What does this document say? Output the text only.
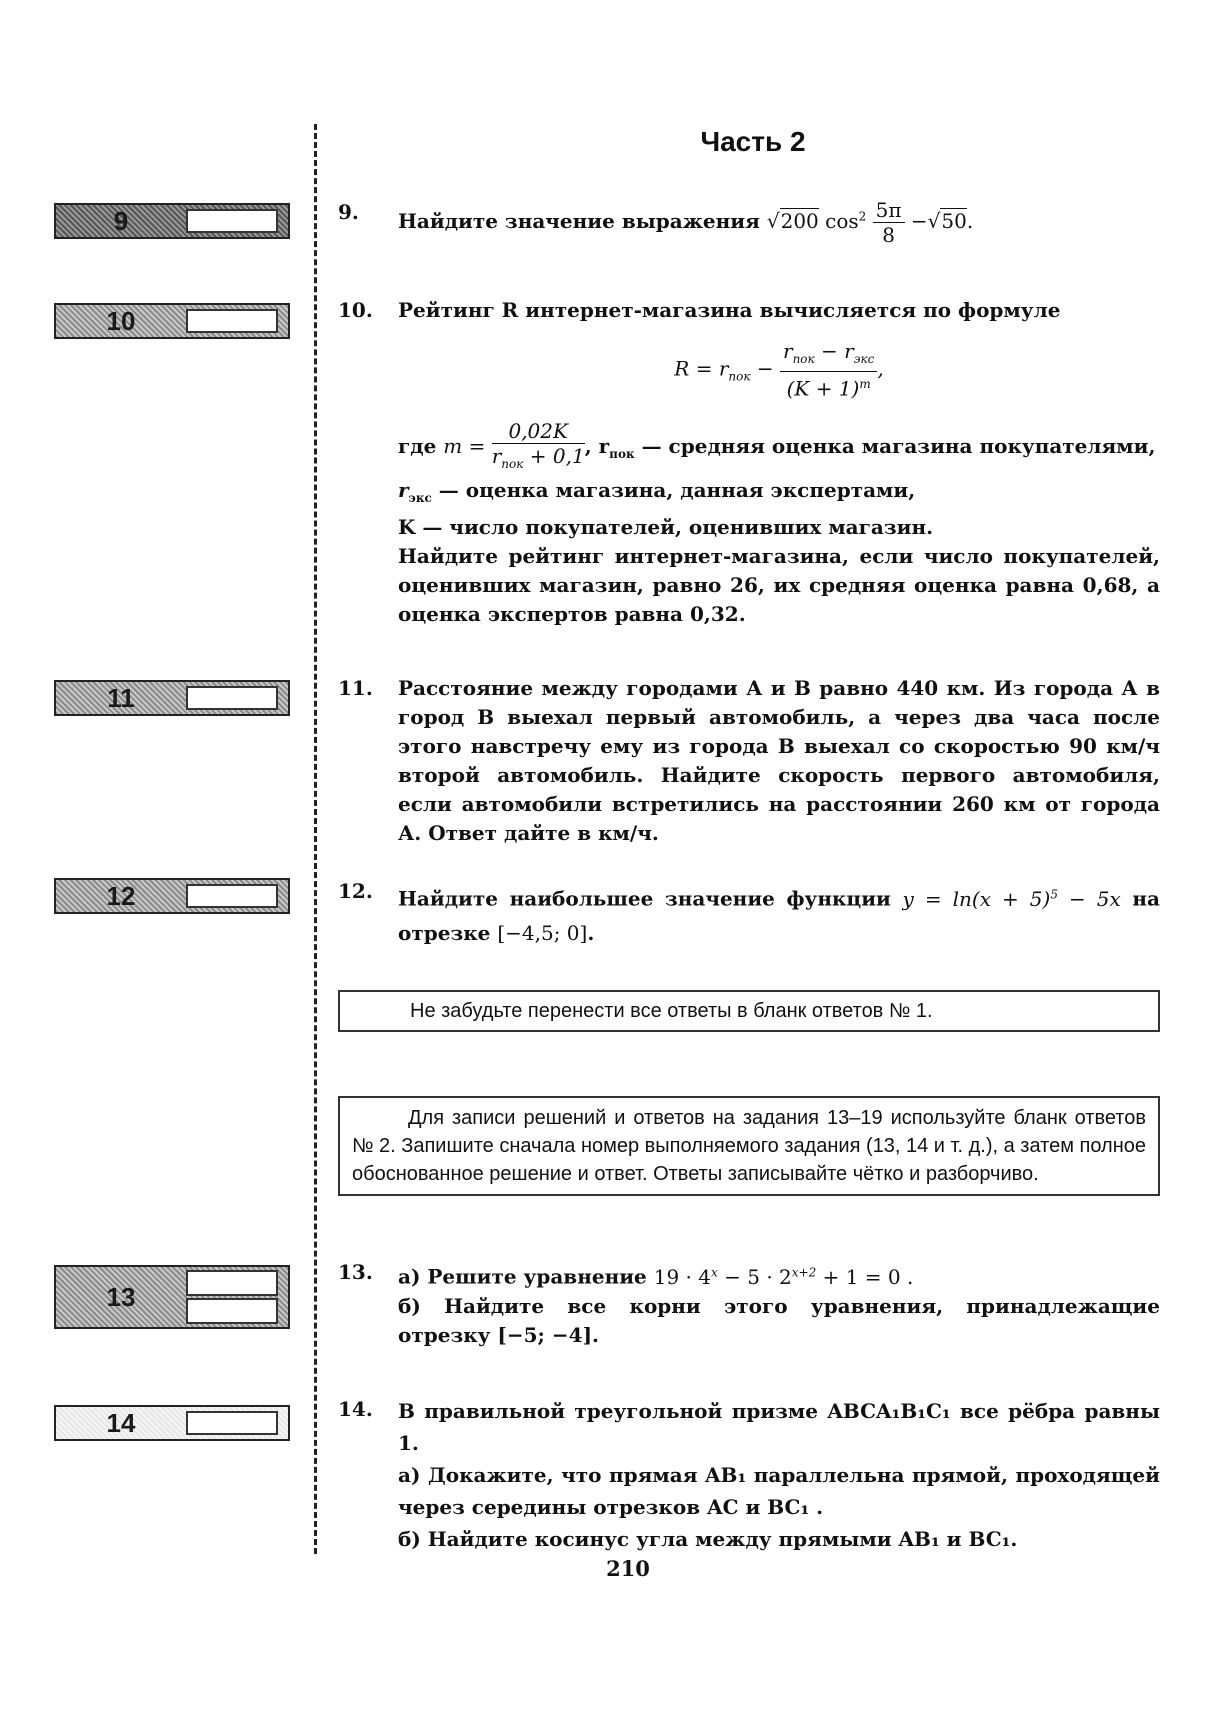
Часть 2
9
10
11
12
13
14
9. Найдите значение выражения √200 $\cos^2 \frac{5\pi}{8} -√50$.
10. Рейтинг R интернет-магазина вычисляется по формуле

$R = r_{пок} - \frac{r_{пок} - r_{экс}}{(K + 1)^m}$ ,

где $m = \frac{0,02K}{r_{пок} + 0,1}$ , $r_{пок}$ — средняя оценка магазина покупателями,

$r_{экс}$ — оценка магазина, данная экспертами,

K — число покупателей, оценивших магазин.

Найдите рейтинг интернет-магазина, если число покупателей, оценивших магазин, равно 26, их средняя оценка равна 0,68, а оценка экспертов равна 0,32.

11. Расстояние между городами А и В равно 440 км. Из города А в город В выехал первый автомобиль, а через два часа после этого навстречу ему из города В выехал со скоростью 90 км/ч второй автомобиль. Найдите скорость первого автомобиля, если автомобили встретились на расстоянии 260 км от города А. Ответ дайте в км/ч.

12. Найдите наибольшее значение функции $y = \ln(x + 5)^5 - 5x$ на отрезке [−4,5; 0].
Не забудьте перенести все ответы в бланк ответов № 1.
Для записи решений и ответов на задания 13–19 используйте бланк ответов № 2. Запишите сначала номер выполняемого задания (13, 14 и т. д.), а затем полное обоснованное решение и ответ. Ответы записывайте чётко и разборчиво.
13. а) Решите уравнение $19 \cdot 4^x - 5 \cdot 2^{x+2} + 1 = 0$ .

б) Найдите все корни этого уравнения, принадлежащие отрезку [−5; −4].

14. В правильной треугольной призме ABCA₁B₁C₁ все рёбра равны 1.

а) Докажите, что прямая AB₁ параллельна прямой, проходящей через середины отрезков AC и BC₁ .

б) Найдите косинус угла между прямыми AB₁ и BC₁.

210
